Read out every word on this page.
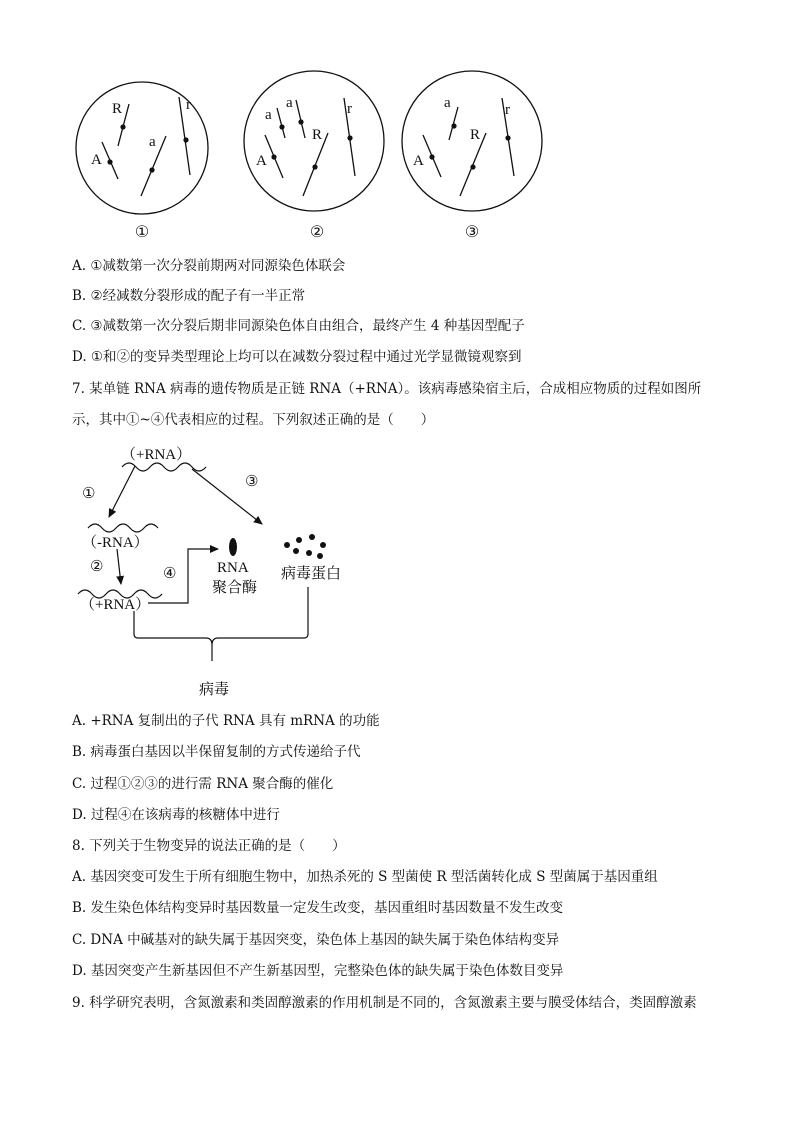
R	r
a
A
a
a	r
R
A
a	r
R
A
①	②	③
A. ①减数第一次分裂前期两对同源染色体联会
B. ②经减数分裂形成的配子有一半正常
C. ③减数第一次分裂后期非同源染色体自由组合，最终产生 4 种基因型配子
D. ①和②的变异类型理论上均可以在减数分裂过程中通过光学显微镜观察到
7. 某单链 RNA 病毒的遗传物质是正链 RNA（+RNA）。该病毒感染宿主后，合成相应物质的过程如图所
示，其中①~④代表相应的过程。下列叙述正确的是（　　）
（+RNA）
（-RNA）
（+RNA）
①
②
③
④	RNA
聚合酶
病毒蛋白
病毒
A. +RNA 复制出的子代 RNA 具有 mRNA 的功能
B. 病毒蛋白基因以半保留复制的方式传递给子代
C. 过程①②③的进行需 RNA 聚合酶的催化
D. 过程④在该病毒的核糖体中进行
8. 下列关于生物变异的说法正确的是（　　）
A. 基因突变可发生于所有细胞生物中，加热杀死的 S 型菌使 R 型活菌转化成 S 型菌属于基因重组
B. 发生染色体结构变异时基因数量一定发生改变，基因重组时基因数量不发生改变
C. DNA 中碱基对的缺失属于基因突变，染色体上基因的缺失属于染色体结构变异
D. 基因突变产生新基因但不产生新基因型，完整染色体的缺失属于染色体数目变异
9. 科学研究表明，含氮激素和类固醇激素的作用机制是不同的，含氮激素主要与膜受体结合，类固醇激素
